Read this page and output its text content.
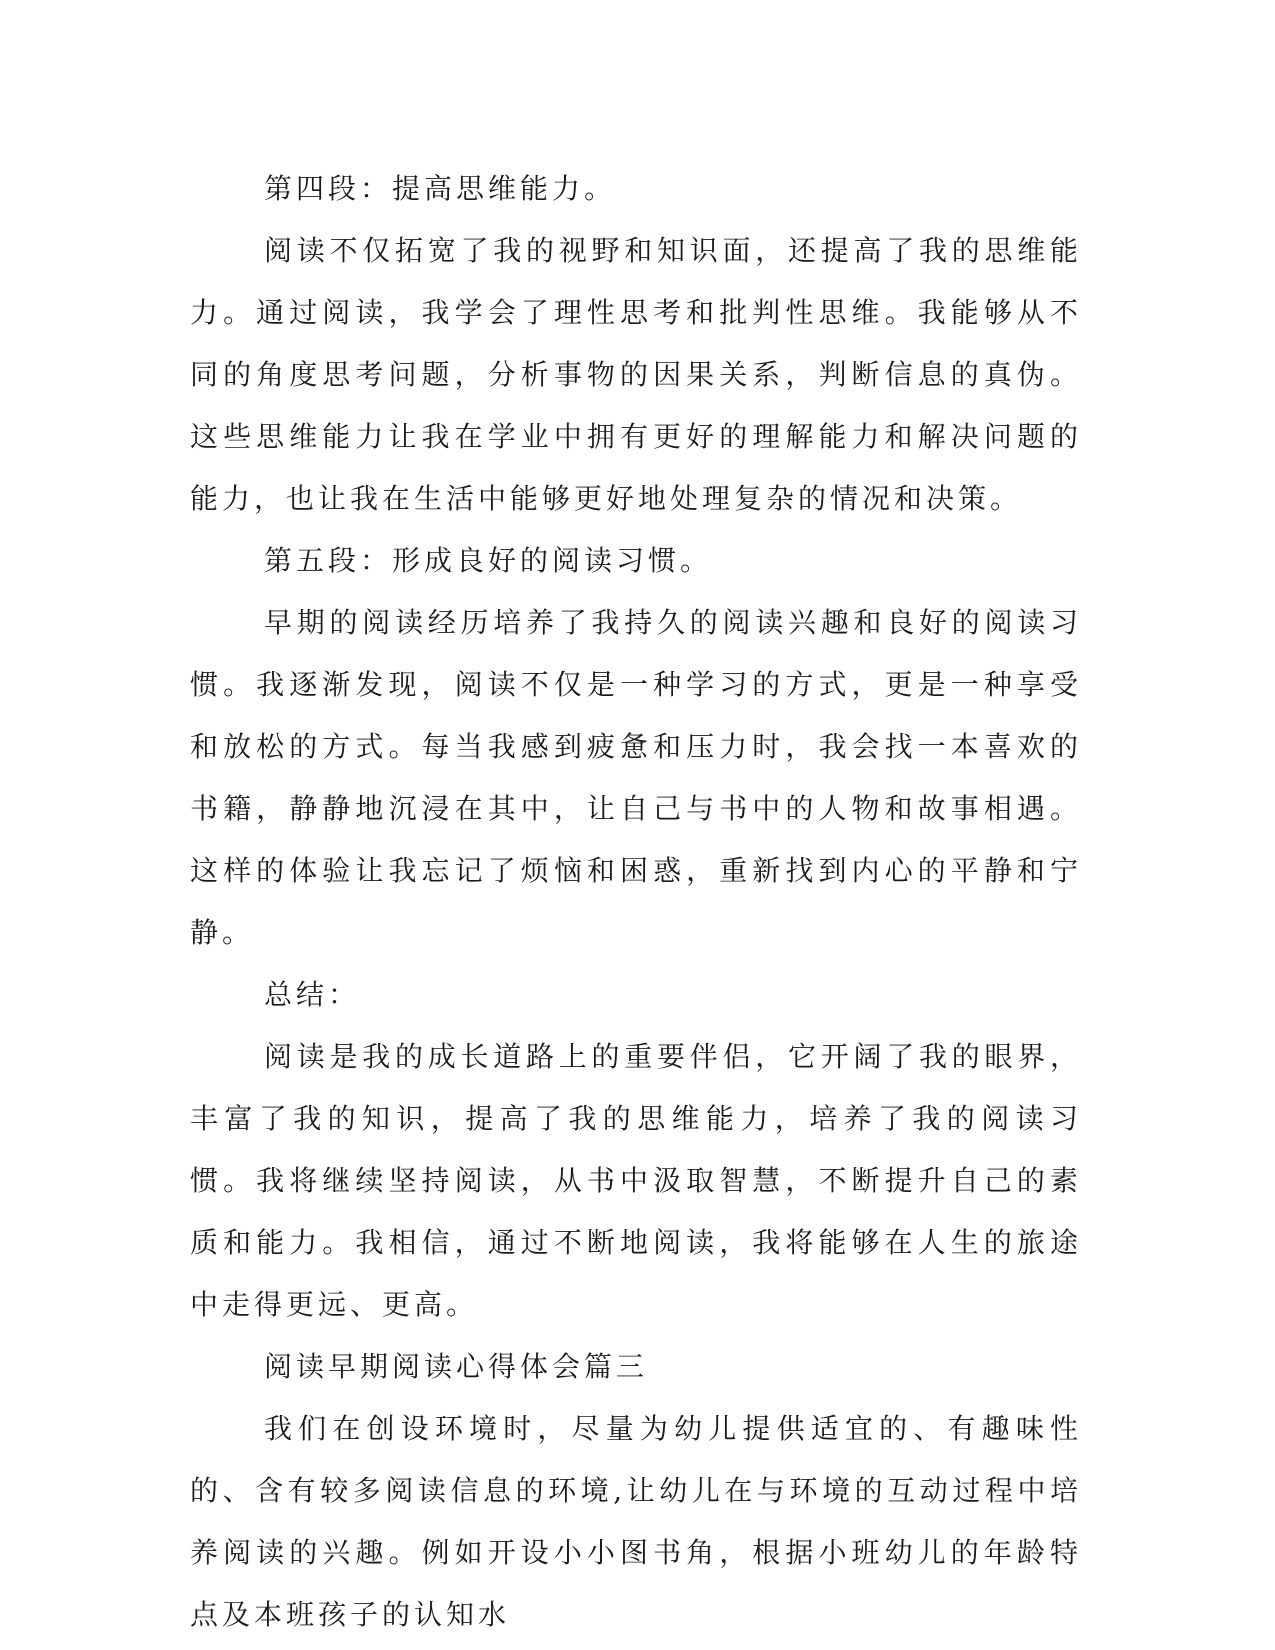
第四段：提高思维能力。

阅读不仅拓宽了我的视野和知识面，还提高了我的思维能力。通过阅读，我学会了理性思考和批判性思维。我能够从不同的角度思考问题，分析事物的因果关系，判断信息的真伪。这些思维能力让我在学业中拥有更好的理解能力和解决问题的能力，也让我在生活中能够更好地处理复杂的情况和决策。

第五段：形成良好的阅读习惯。

早期的阅读经历培养了我持久的阅读兴趣和良好的阅读习惯。我逐渐发现，阅读不仅是一种学习的方式，更是一种享受和放松的方式。每当我感到疲惫和压力时，我会找一本喜欢的书籍，静静地沉浸在其中，让自己与书中的人物和故事相遇。这样的体验让我忘记了烦恼和困惑，重新找到内心的平静和宁静。

总结：

阅读是我的成长道路上的重要伴侣，它开阔了我的眼界，丰富了我的知识，提高了我的思维能力，培养了我的阅读习惯。我将继续坚持阅读，从书中汲取智慧，不断提升自己的素质和能力。我相信，通过不断地阅读，我将能够在人生的旅途中走得更远、更高。

阅读早期阅读心得体会篇三

我们在创设环境时，尽量为幼儿提供适宜的、有趣味性的、含有较多阅读信息的环境,让幼儿在与环境的互动过程中培养阅读的兴趣。例如开设小小图书角，根据小班幼儿的年龄特点及本班孩子的认知水
